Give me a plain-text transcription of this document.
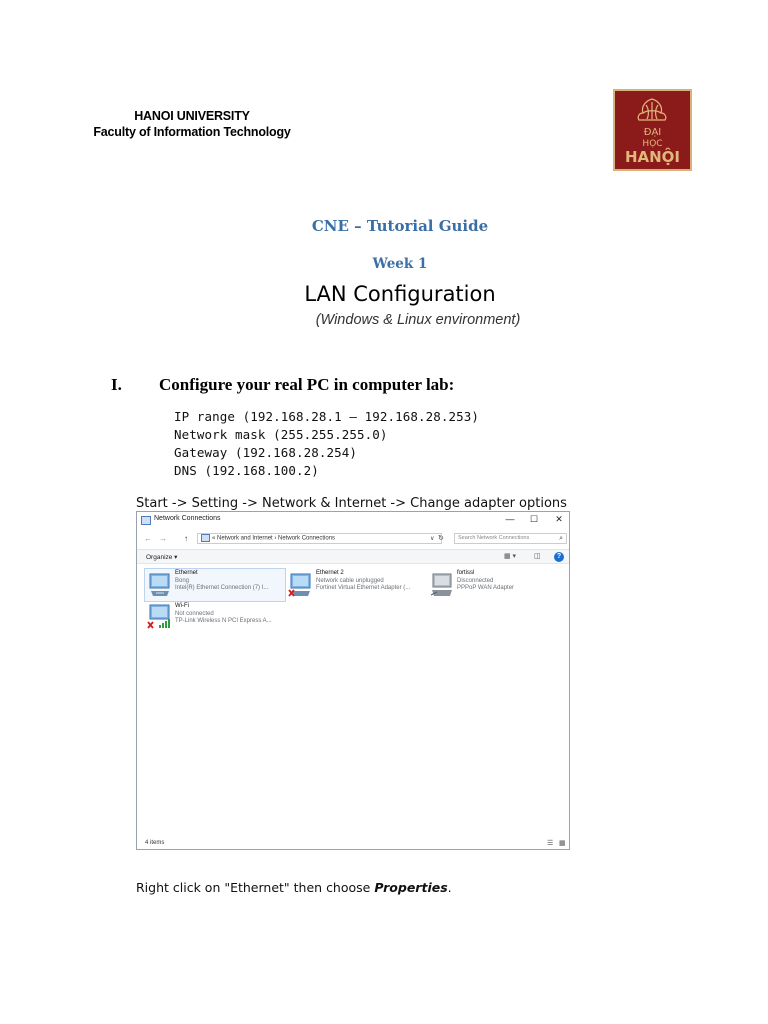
HANOI UNIVERSITY
Faculty of Information Technology	ĐẠI
HỌC
HANỘI
CNE – Tutorial Guide
Week 1
LAN Configuration
(Windows & Linux environment)
I. Configure your real PC in computer lab:
IP range (192.168.28.1 – 192.168.28.253)
Network mask (255.255.255.0)
Gateway (192.168.28.254)
DNS (192.168.100.2)
Start -> Setting -> Network & Internet -> Change adapter options
Network Connections	—	☐	✕
← → ↑	« Network and Internet › Network Connections	∨ ↻	Search Network Connections	⌕
Organize ▾	▦ ▾	◫	?
Ethernet
Bong
Intel(R) Ethernet Connection (7) I...
Ethernet 2
Network cable unplugged
Fortinet Virtual Ethernet Adapter (...
fortissl
Disconnected
PPPoP WAN Adapter
Wi-Fi
Not connected
TP-Link Wireless N PCI Express A...
4 items	☰ ▦
Right click on "Ethernet" then choose Properties.
